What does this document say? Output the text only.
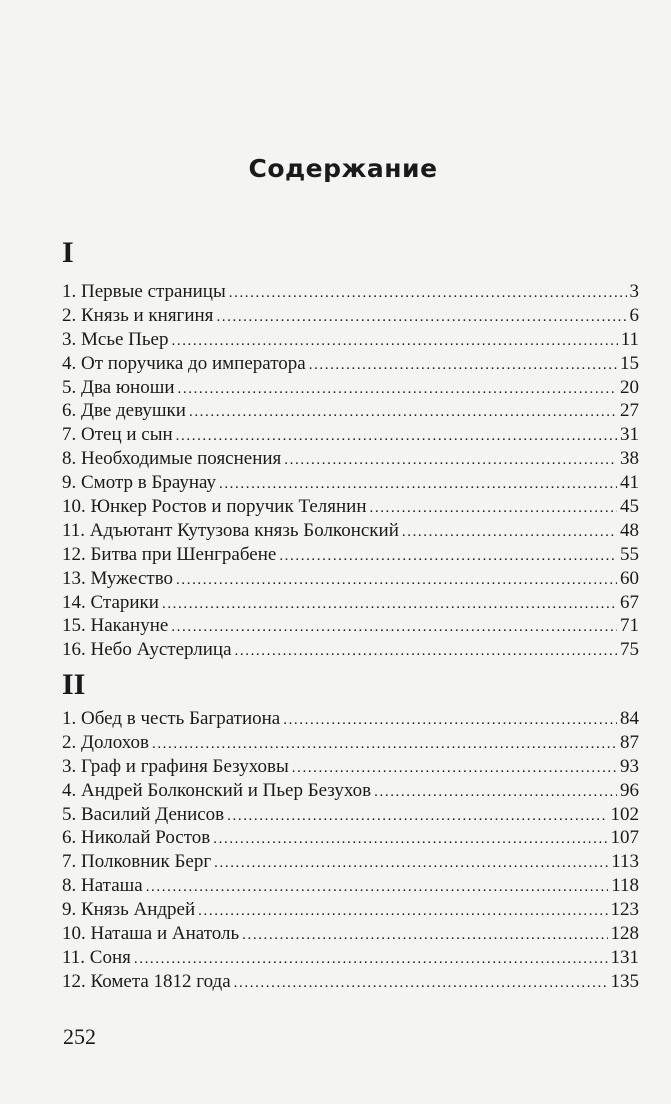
Содержание
I
1. Первые страницы .....	3
2. Князь и княгиня .....	6
3. Мсье Пьер .....	11
4. От поручика до императора .....	15
5. Два юноши .....	20
6. Две девушки .....	27
7. Отец и сын .....	31
8. Необходимые пояснения .....	38
9. Смотр в Браунау .....	41
10. Юнкер Ростов и поручик Телянин .....	45
11. Адъютант Кутузова князь Болконский .....	48
12. Битва при Шенграбене .....	55
13. Мужество .....	60
14. Старики .....	67
15. Накануне .....	71
16. Небо Аустерлица .....	75
II
1. Обед в честь Багратиона .....	84
2. Долохов .....	87
3. Граф и графиня Безуховы .....	93
4. Андрей Болконский и Пьер Безухов .....	96
5. Василий Денисов .....	102
6. Николай Ростов .....	107
7. Полковник Берг .....	113
8. Наташа .....	118
9. Князь Андрей .....	123
10. Наташа и Анатоль .....	128
11. Соня .....	131
12. Комета 1812 года .....	135
252
